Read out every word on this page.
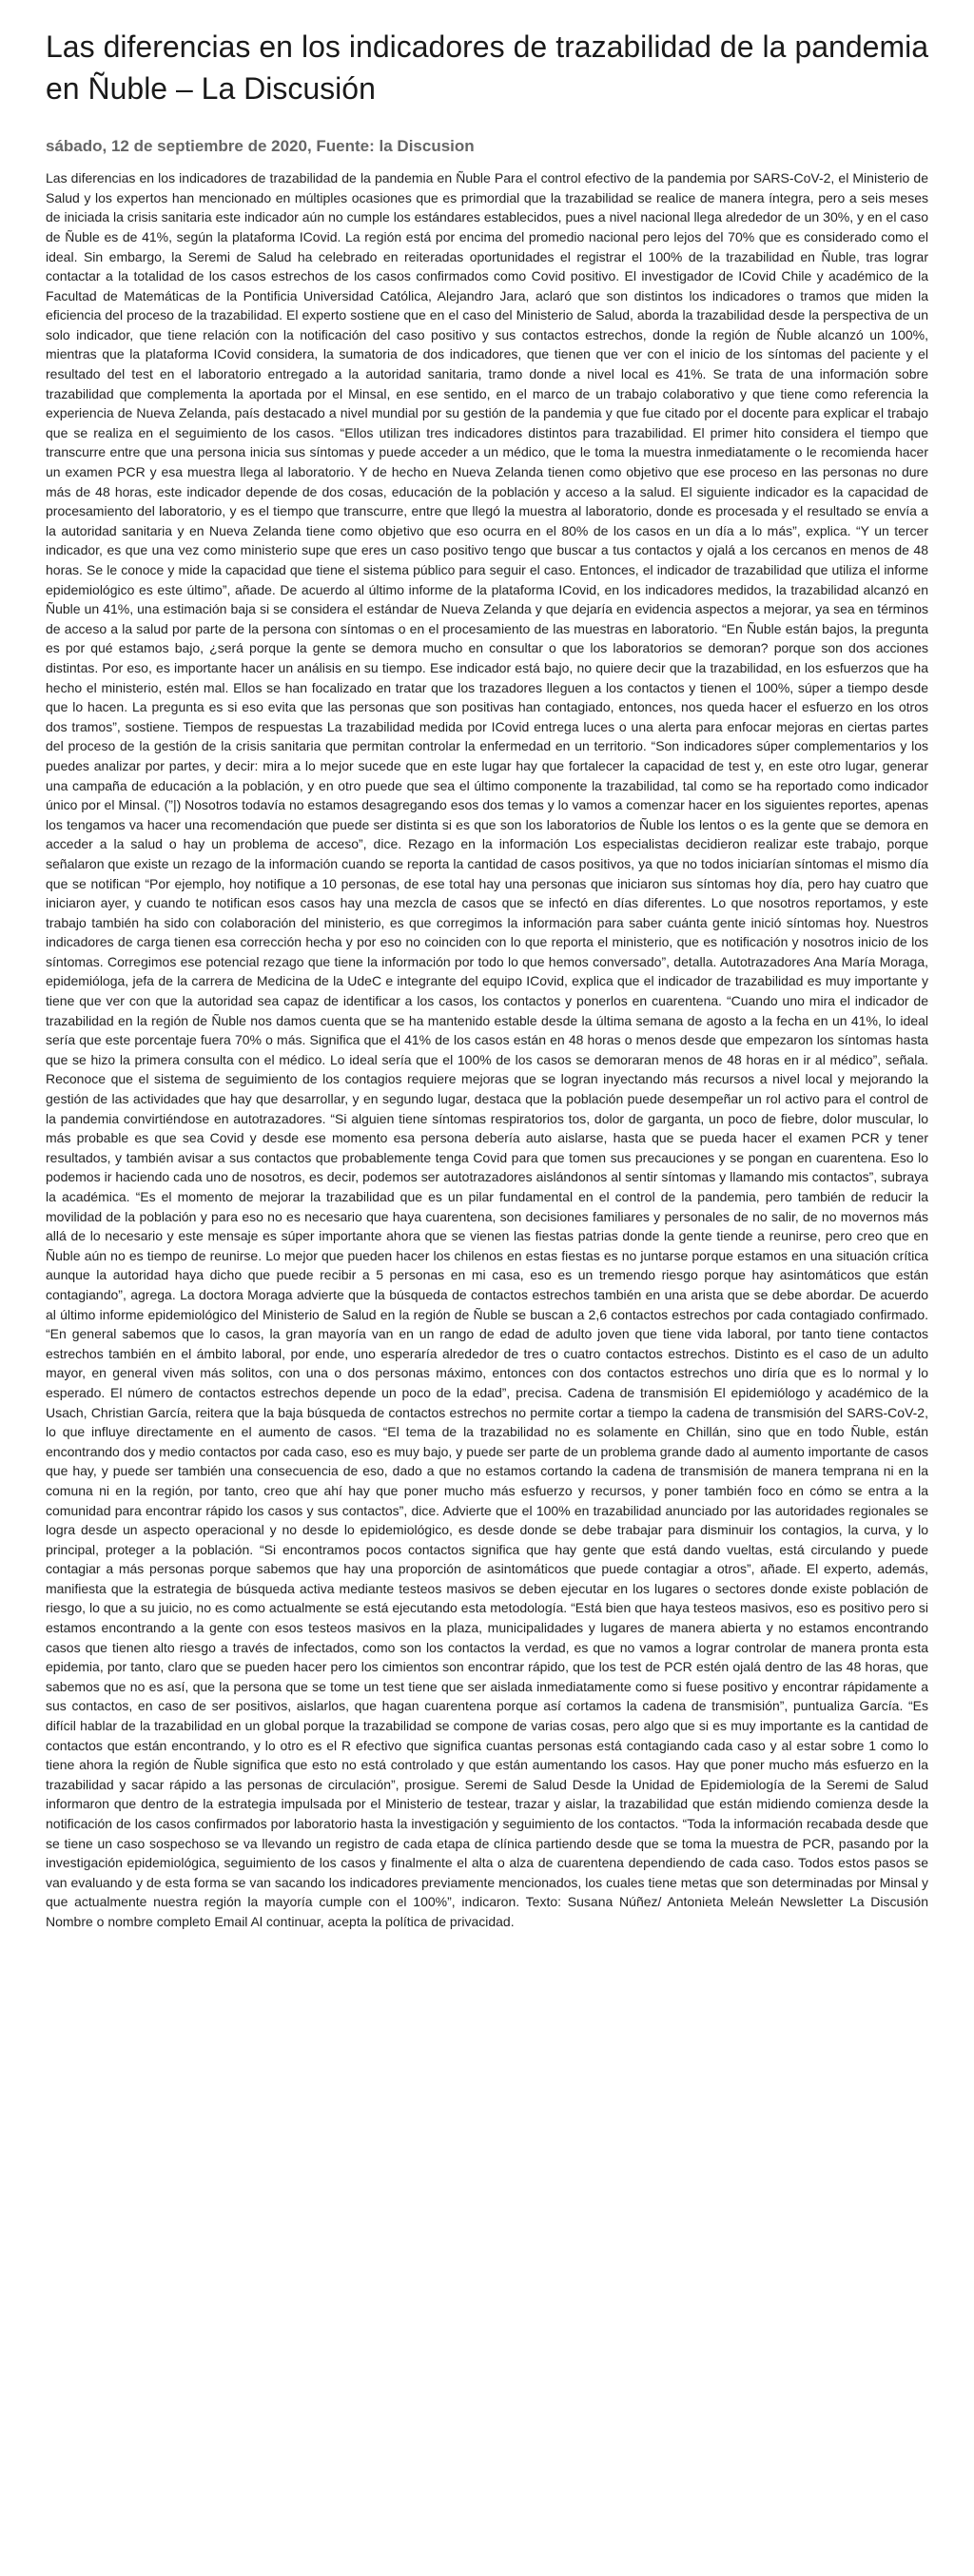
Las diferencias en los indicadores de trazabilidad de la pandemia en Ñuble – La Discusión
sábado, 12 de septiembre de 2020, Fuente: la Discusion

Las diferencias en los indicadores de trazabilidad de la pandemia en Ñuble Para el control efectivo de la pandemia por SARS-CoV-2, el Ministerio de Salud y los expertos han mencionado en múltiples ocasiones que es primordial que la trazabilidad se realice de manera íntegra, pero a seis meses de iniciada la crisis sanitaria este indicador aún no cumple los estándares establecidos, pues a nivel nacional llega alrededor de un 30%, y en el caso de Ñuble es de 41%, según la plataforma ICovid. La región está por encima del promedio nacional pero lejos del 70% que es considerado como el ideal. Sin embargo, la Seremi de Salud ha celebrado en reiteradas oportunidades el registrar el 100% de la trazabilidad en Ñuble, tras lograr contactar a la totalidad de los casos estrechos de los casos confirmados como Covid positivo. El investigador de ICovid Chile y académico de la Facultad de Matemáticas de la Pontificia Universidad Católica, Alejandro Jara, aclaró que son distintos los indicadores o tramos que miden la eficiencia del proceso de la trazabilidad. El experto sostiene que en el caso del Ministerio de Salud, aborda la trazabilidad desde la perspectiva de un solo indicador, que tiene relación con la notificación del caso positivo y sus contactos estrechos, donde la región de Ñuble alcanzó un 100%, mientras que la plataforma ICovid considera, la sumatoria de dos indicadores, que tienen que ver con el inicio de los síntomas del paciente y el resultado del test en el laboratorio entregado a la autoridad sanitaria, tramo donde a nivel local es 41%. Se trata de una información sobre trazabilidad que complementa la aportada por el Minsal, en ese sentido, en el marco de un trabajo colaborativo y que tiene como referencia la experiencia de Nueva Zelanda, país destacado a nivel mundial por su gestión de la pandemia y que fue citado por el docente para explicar el trabajo que se realiza en el seguimiento de los casos. “Ellos utilizan tres indicadores distintos para trazabilidad. El primer hito considera el tiempo que transcurre entre que una persona inicia sus síntomas y puede acceder a un médico, que le toma la muestra inmediatamente o le recomienda hacer un examen PCR y esa muestra llega al laboratorio. Y de hecho en Nueva Zelanda tienen como objetivo que ese proceso en las personas no dure más de 48 horas, este indicador depende de dos cosas, educación de la población y acceso a la salud. El siguiente indicador es la capacidad de procesamiento del laboratorio, y es el tiempo que transcurre, entre que llegó la muestra al laboratorio, donde es procesada y el resultado se envía a la autoridad sanitaria y en Nueva Zelanda tiene como objetivo que eso ocurra en el 80% de los casos en un día a lo más”, explica. “Y un tercer indicador, es que una vez como ministerio supe que eres un caso positivo tengo que buscar a tus contactos y ojalá a los cercanos en menos de 48 horas. Se le conoce y mide la capacidad que tiene el sistema público para seguir el caso. Entonces, el indicador de trazabilidad que utiliza el informe epidemiológico es este último”, añade. De acuerdo al último informe de la plataforma ICovid, en los indicadores medidos, la trazabilidad alcanzó en Ñuble un 41%, una estimación baja si se considera el estándar de Nueva Zelanda y que dejaría en evidencia aspectos a mejorar, ya sea en términos de acceso a la salud por parte de la persona con síntomas o en el procesamiento de las muestras en laboratorio. “En Ñuble están bajos, la pregunta es por qué estamos bajo, ¿será porque la gente se demora mucho en consultar o que los laboratorios se demoran? porque son dos acciones distintas. Por eso, es importante hacer un análisis en su tiempo. Ese indicador está bajo, no quiere decir que la trazabilidad, en los esfuerzos que ha hecho el ministerio, estén mal. Ellos se han focalizado en tratar que los trazadores lleguen a los contactos y tienen el 100%, súper a tiempo desde que lo hacen. La pregunta es si eso evita que las personas que son positivas han contagiado, entonces, nos queda hacer el esfuerzo en los otros dos tramos”, sostiene. Tiempos de respuestas La trazabilidad medida por ICovid entrega luces o una alerta para enfocar mejoras en ciertas partes del proceso de la gestión de la crisis sanitaria que permitan controlar la enfermedad en un territorio. “Son indicadores súper complementarios y los puedes analizar por partes, y decir: mira a lo mejor sucede que en este lugar hay que fortalecer la capacidad de test y, en este otro lugar, generar una campaña de educación a la población, y en otro puede que sea el último componente la trazabilidad, tal como se ha reportado como indicador único por el Minsal. (”|) Nosotros todavía no estamos desagregando esos dos temas y lo vamos a comenzar hacer en los siguientes reportes, apenas los tengamos va hacer una recomendación que puede ser distinta si es que son los laboratorios de Ñuble los lentos o es la gente que se demora en acceder a la salud o hay un problema de acceso”, dice. Rezago en la información Los especialistas decidieron realizar este trabajo, porque señalaron que existe un rezago de la información cuando se reporta la cantidad de casos positivos, ya que no todos iniciarían síntomas el mismo día que se notifican “Por ejemplo, hoy notifique a 10 personas, de ese total hay una personas que iniciaron sus síntomas hoy día, pero hay cuatro que iniciaron ayer, y cuando te notifican esos casos hay una mezcla de casos que se infectó en días diferentes. Lo que nosotros reportamos, y este trabajo también ha sido con colaboración del ministerio, es que corregimos la información para saber cuánta gente inició síntomas hoy. Nuestros indicadores de carga tienen esa corrección hecha y por eso no coinciden con lo que reporta el ministerio, que es notificación y nosotros inicio de los síntomas. Corregimos ese potencial rezago que tiene la información por todo lo que hemos conversado”, detalla. Autotrazadores Ana María Moraga, epidemióloga, jefa de la carrera de Medicina de la UdeC e integrante del equipo ICovid, explica que el indicador de trazabilidad es muy importante y tiene que ver con que la autoridad sea capaz de identificar a los casos, los contactos y ponerlos en cuarentena. “Cuando uno mira el indicador de trazabilidad en la región de Ñuble nos damos cuenta que se ha mantenido estable desde la última semana de agosto a la fecha en un 41%, lo ideal sería que este porcentaje fuera 70% o más. Significa que el 41% de los casos están en 48 horas o menos desde que empezaron los síntomas hasta que se hizo la primera consulta con el médico. Lo ideal sería que el 100% de los casos se demoraran menos de 48 horas en ir al médico”, señala. Reconoce que el sistema de seguimiento de los contagios requiere mejoras que se logran inyectando más recursos a nivel local y mejorando la gestión de las actividades que hay que desarrollar, y en segundo lugar, destaca que la población puede desempeñar un rol activo para el control de la pandemia convirtiéndose en autotrazadores. “Si alguien tiene síntomas respiratorios tos, dolor de garganta, un poco de fiebre, dolor muscular, lo más probable es que sea Covid y desde ese momento esa persona debería auto aislarse, hasta que se pueda hacer el examen PCR y tener resultados, y también avisar a sus contactos que probablemente tenga Covid para que tomen sus precauciones y se pongan en cuarentena. Eso lo podemos ir haciendo cada uno de nosotros, es decir, podemos ser autotrazadores aislándonos al sentir síntomas y llamando mis contactos”, subraya la académica. “Es el momento de mejorar la trazabilidad que es un pilar fundamental en el control de la pandemia, pero también de reducir la movilidad de la población y para eso no es necesario que haya cuarentena, son decisiones familiares y personales de no salir, de no movernos más allá de lo necesario y este mensaje es súper importante ahora que se vienen las fiestas patrias donde la gente tiende a reunirse, pero creo que en Ñuble aún no es tiempo de reunirse. Lo mejor que pueden hacer los chilenos en estas fiestas es no juntarse porque estamos en una situación crítica aunque la autoridad haya dicho que puede recibir a 5 personas en mi casa, eso es un tremendo riesgo porque hay asintomáticos que están contagiando”, agrega. La doctora Moraga advierte que la búsqueda de contactos estrechos también en una arista que se debe abordar. De acuerdo al último informe epidemiológico del Ministerio de Salud en la región de Ñuble se buscan a 2,6 contactos estrechos por cada contagiado confirmado. “En general sabemos que lo casos, la gran mayoría van en un rango de edad de adulto joven que tiene vida laboral, por tanto tiene contactos estrechos también en el ámbito laboral, por ende, uno esperaría alrededor de tres o cuatro contactos estrechos. Distinto es el caso de un adulto mayor, en general viven más solitos, con una o dos personas máximo, entonces con dos contactos estrechos uno diría que es lo normal y lo esperado. El número de contactos estrechos depende un poco de la edad”, precisa. Cadena de transmisión El epidemiólogo y académico de la Usach, Christian García, reitera que la baja búsqueda de contactos estrechos no permite cortar a tiempo la cadena de transmisión del SARS-CoV-2, lo que influye directamente en el aumento de casos. “El tema de la trazabilidad no es solamente en Chillán, sino que en todo Ñuble, están encontrando dos y medio contactos por cada caso, eso es muy bajo, y puede ser parte de un problema grande dado al aumento importante de casos que hay, y puede ser también una consecuencia de eso, dado a que no estamos cortando la cadena de transmisión de manera temprana ni en la comuna ni en la región, por tanto, creo que ahí hay que poner mucho más esfuerzo y recursos, y poner también foco en cómo se entra a la comunidad para encontrar rápido los casos y sus contactos”, dice. Advierte que el 100% en trazabilidad anunciado por las autoridades regionales se logra desde un aspecto operacional y no desde lo epidemiológico, es desde donde se debe trabajar para disminuir los contagios, la curva, y lo principal, proteger a la población. “Si encontramos pocos contactos significa que hay gente que está dando vueltas, está circulando y puede contagiar a más personas porque sabemos que hay una proporción de asintomáticos que puede contagiar a otros”, añade. El experto, además, manifiesta que la estrategia de búsqueda activa mediante testeos masivos se deben ejecutar en los lugares o sectores donde existe población de riesgo, lo que a su juicio, no es como actualmente se está ejecutando esta metodología. “Está bien que haya testeos masivos, eso es positivo pero si estamos encontrando a la gente con esos testeos masivos en la plaza, municipalidades y lugares de manera abierta y no estamos encontrando casos que tienen alto riesgo a través de infectados, como son los contactos la verdad, es que no vamos a lograr controlar de manera pronta esta epidemia, por tanto, claro que se pueden hacer pero los cimientos son encontrar rápido, que los test de PCR estén ojalá dentro de las 48 horas, que sabemos que no es así, que la persona que se tome un test tiene que ser aislada inmediatamente como si fuese positivo y encontrar rápidamente a sus contactos, en caso de ser positivos, aislarlos, que hagan cuarentena porque así cortamos la cadena de transmisión”, puntualiza García. “Es difícil hablar de la trazabilidad en un global porque la trazabilidad se compone de varias cosas, pero algo que si es muy importante es la cantidad de contactos que están encontrando, y lo otro es el R efectivo que significa cuantas personas está contagiando cada caso y al estar sobre 1 como lo tiene ahora la región de Ñuble significa que esto no está controlado y que están aumentando los casos. Hay que poner mucho más esfuerzo en la trazabilidad y sacar rápido a las personas de circulación”, prosigue. Seremi de Salud Desde la Unidad de Epidemiología de la Seremi de Salud informaron que dentro de la estrategia impulsada por el Ministerio de testear, trazar y aislar, la trazabilidad que están midiendo comienza desde la notificación de los casos confirmados por laboratorio hasta la investigación y seguimiento de los contactos. “Toda la información recabada desde que se tiene un caso sospechoso se va llevando un registro de cada etapa de clínica partiendo desde que se toma la muestra de PCR, pasando por la investigación epidemiológica, seguimiento de los casos y finalmente el alta o alza de cuarentena dependiendo de cada caso. Todos estos pasos se van evaluando y de esta forma se van sacando los indicadores previamente mencionados, los cuales tiene metas que son determinadas por Minsal y que actualmente nuestra región la mayoría cumple con el 100%”, indicaron. Texto: Susana Núñez/ Antonieta Meleán Newsletter La Discusión Nombre o nombre completo Email Al continuar, acepta la política de privacidad.
